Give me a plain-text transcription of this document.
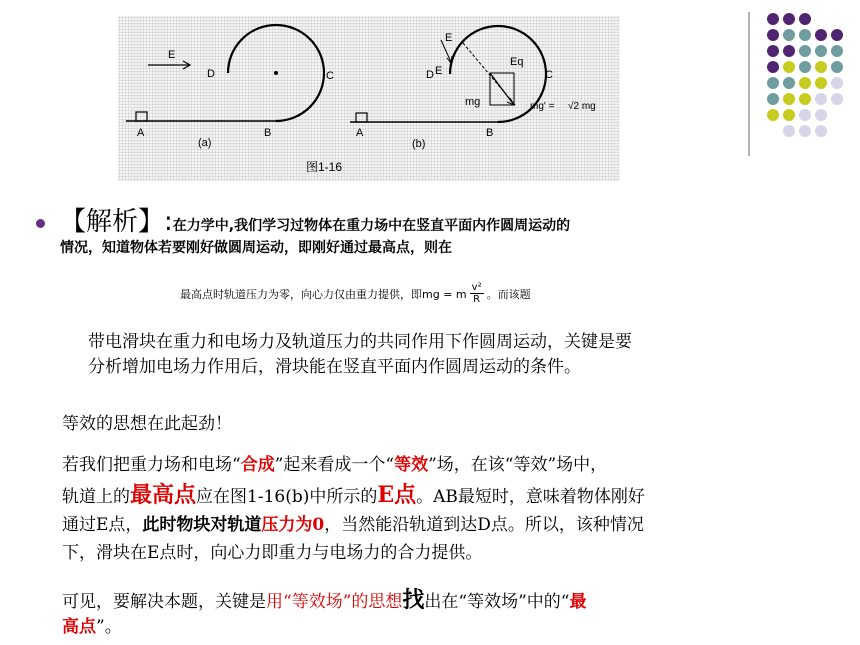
E
D	C
A	B
(a)
E
E
D
Eq
C
mg	mg' = √2 mg
A	B
(b)
图1-16
【解析】:在力学中,我们学习过物体在重力场中在竖直平面内作圆周运动的
情况，知道物体若要刚好做圆周运动，即刚好通过最高点，则在
最高点时轨道压力为零，向心力仅由重力提供，即mg = m v²
R 。而该题
带电滑块在重力和电场力及轨道压力的共同作用下作圆周运动，关键是要
分析增加电场力作用后，滑块能在竖直平面内作圆周运动的条件。
等效的思想在此起劲！
若我们把重力场和电场“合成”起来看成一个“等效”场，在该“等效”场中，
轨道上的最高点应在图1-16(b)中所示的E点。AB最短时，意味着物体刚好
通过E点，此时物块对轨道压力为0，当然能沿轨道到达D点。所以，该种情况
下，滑块在E点时，向心力即重力与电场力的合力提供。
可见，要解决本题，关键是用“等效场”的思想找出在“等效场”中的“最
高点”。
